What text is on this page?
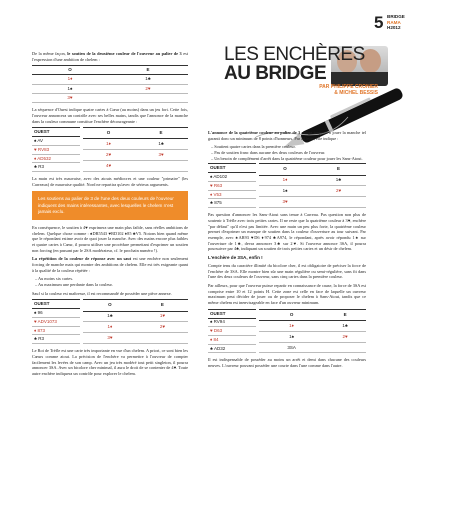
5 BRIDGE
RAMA
H2012
LES ENCHÈRES
AU BRIDGE
PAR PHILIPPE CRONIER
& MICHEL BESSIS

De la même façon, le soutien de la deuxième couleur de l'ouvreur au palier de 3 est l'expression d'une ambition de chelem :

O	E
1♦	1♣
1♠	2♥
3♥	

La séquence d'Ouest indique quatre cartes à Cœur (au moins) dans un jeu fort. Cette fois, l'ouvreur annoncera un contrôle avec ses belles mains, tandis que l'annonce de la manche dans la couleur commune constitue l'enchère décourageante :

OUEST
♠ AV
♥ RV83
♦ AD532
♣ R3
O	E
1♦	1♣
2♥	3♥
4♥	

La main est très mauvaise, avec des atouts médiocres et une couleur "primaire" (les Carreaux) de mauvaise qualité. Nord ne repartira qu'avec de sérieux arguments.

Les soutiens au palier de 3 de l'une des deux couleurs de l'ouvreur indiquent des mains intéressantes, avec lesquelles le chelem n'est jamais exclu.

En conséquence, le soutien à 4♥ exprimera une main plus faible, sans réelles ambitions de chelem. Quelque chose comme : ♠DR5543 ♥RD102 ♦85 ♣V5. Notons bien quand même que le répondant estime avoir de quoi jouer la manche. Avec des mains encore plus faibles et quatre cartes à Cœur, il pourra utiliser une procédure permettant d'exprimer un soutien non forcing (en passant par le 2SA modérateur, cf. le prochain numéro !).

La répétition de la couleur de réponse avec un saut est une enchère non seulement forcing de manche mais qui montre des ambitions de chelem. Elle est très exigeante quant à la qualité de la couleur répétée :

– Au moins six cartes.
– Au maximum une perdante dans la couleur.

Sauf si la couleur est maîtresse, il est recommandé de posséder une pièce annexe.

OUEST
♠ 96
♥ ADV1073
♦ 873
♣ R3
O	E
1♣	1♥
1♦	2♥
3♥	

Le Roi de Trèfle est une carte très importante en vue d'un chelem. A priori, ce sont bien les Cœurs comme atout. La précision de l'enchère va permettre à l'ouvreur de compter facilement les levées de son camp. Avec un jeu très modéré tout petit singleton, il pourra annoncer 3SA. Avec un bicolore cher minimal, il aura le droit de se contenter de 4♥. Toute autre enchère indiquera un contrôle pour explorer le chelem.

L'annonce de la quatrième couleur au palier de 3 oblige toujours à jouer la manche tel garanti donc un minimum de 8 points d'honneurs. Par ailleurs, elle indique :

– Soutient quatre cartes dans la première couleur.
– Pas de soutien franc dans aucune des deux couleurs de l'ouvreur.
– Un besoin de complément d'arrêt dans la quatrième couleur pour jouer les Sans-Atout.
OUEST
♠ AD102
♥ R63
♦ V53
♣ 875
O	E
1♦	1♣
1♠	2♥
3♥	

Pas question d'annoncer les Sans-Atout sans tenue à Carreau. Pas question non plus de soutenir à Trèfle avec trois petites cartes. Il ne reste que la quatrième couleur à 3♥, enchère "par défaut" qu'il n'est pas limitée. Avec une main un peu plus forte, la quatrième couleur permet d'exprimer un manque de soutien dans la couleur d'ouverture au tour suivant. Par exemple, avec ♠AR93 ♥D6 ♦974 ♣A974, le répondant, après avoir répondu 1♠ sur l'ouverture de 1♣, devra annoncer 3♣ sur 2♥. Si l'ouvreur annonce 3SA, il pourra poursuivre par 4♣, indiquant un soutien de trois petites cartes et un désir de chelem.

L'enchère de 3SA, enfin !

Compte tenu du caractère illimité du bicolore cher, il est obligatoire de préciser la force de l'enchère de 3SA. Elle montre bien sûr une main régulière ou semi-régulière, sans fit dans l'une des deux couleurs de l'ouvreur, sans cinq cartes dans la première couleur.

Par ailleurs, pour que l'ouvreur puisse repartir en connaissance de cause, la force de 3SA est comprise entre 10 et 12 points H. Cette zone est celle en face de laquelle un ouvreur maximum peut décider de jouer ou de proposer le chelem à Sans-Atout, tandis que ce même chelem est inenvisageable en face d'un ouvreur minimum.

OUEST
♠ RV94
♥ D63
♦ 84
♣ AD32
O	E
1♦	1♣
1♠	2♥
3SA	

Il est indispensable de posséder au moins un arrêt et demi dans chacune des couleurs neuves. L'ouvreur pouvant posséder une courte dans l'une comme dans l'autre.
